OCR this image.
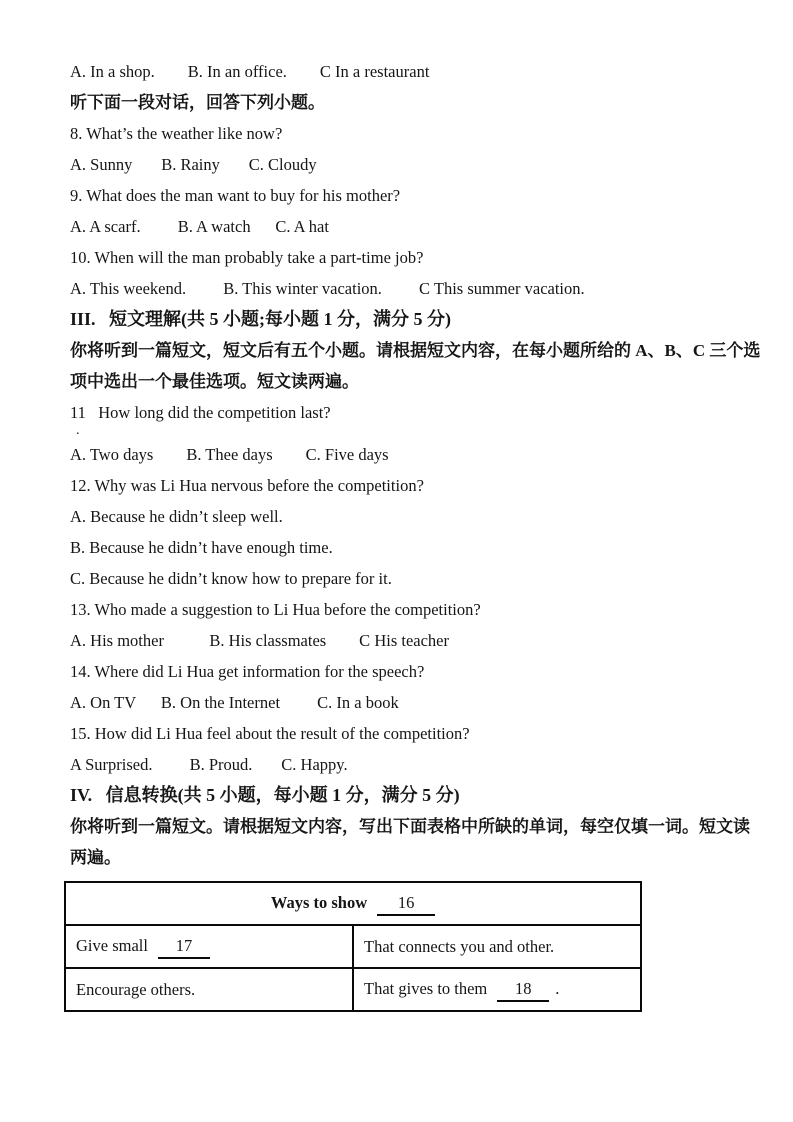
A. In a shop.        B. In an office.        C In a restaurant
听下面一段对话，回答下列小题。
8. What’s the weather like now?
A. Sunny       B. Rainy       C. Cloudy
9. What does the man want to buy for his mother?
A. A scarf.         B. A watch      C. A hat
10. When will the man probably take a part-time job?
A. This weekend.         B. This winter vacation.         C This summer vacation.
III.   短文理解(共 5 小题;每小题 1 分，满分 5 分)
你将听到一篇短文，短文后有五个小题。请根据短文内容，在每小题所给的 A、B、C 三个选
项中选出一个最佳选项。短文读两遍。
11   How long did the competition last?
A. Two days        B. Thee days        C. Five days
12. Why was Li Hua nervous before the competition?
A. Because he didn’t sleep well.
B. Because he didn’t have enough time.
C. Because he didn’t know how to prepare for it.
13. Who made a suggestion to Li Hua before the competition?
A. His mother           B. His classmates        C His teacher
14. Where did Li Hua get information for the speech?
A. On TV      B. On the Internet         C. In a book
15. How did Li Hua feel about the result of the competition?
A Surprised.         B. Proud.       C. Happy.
IV.   信息转换(共 5 小题，每小题 1 分，满分 5 分)
你将听到一篇短文。请根据短文内容，写出下面表格中所缺的单词，每空仅填一词。短文读
两遍。
.
Ways to show 16	
Give small 17	That connects you and other.
Encourage others.	That gives to them 18 .
